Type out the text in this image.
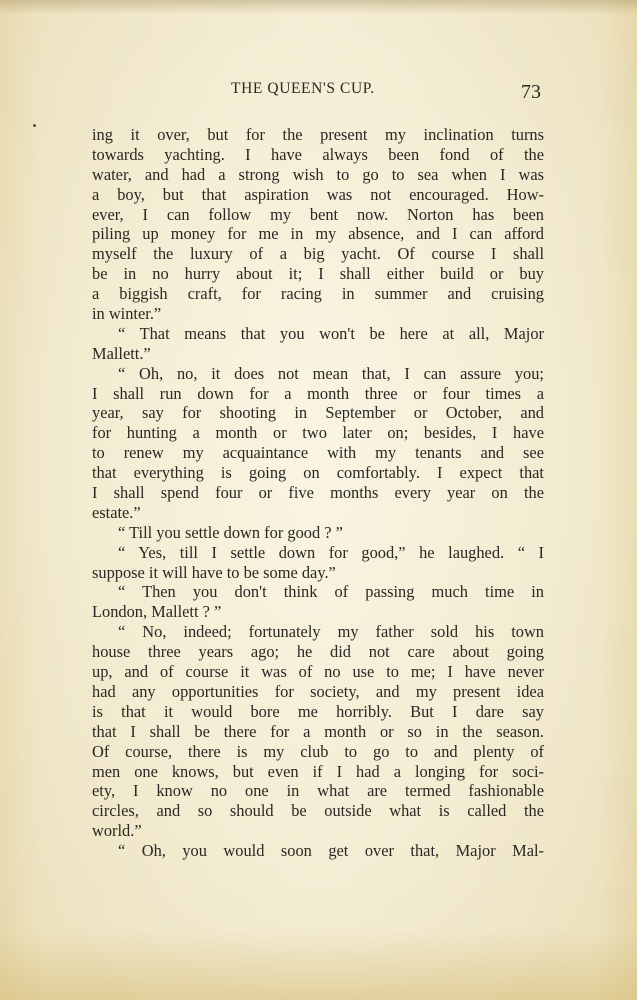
THE QUEEN'S CUP.	73
ing it over, but for the present my inclination turns
towards yachting. I have always been fond of the
water, and had a strong wish to go to sea when I was
a boy, but that aspiration was not encouraged. How-
ever, I can follow my bent now. Norton has been
piling up money for me in my absence, and I can afford
myself the luxury of a big yacht. Of course I shall
be in no hurry about it; I shall either build or buy
a biggish craft, for racing in summer and cruising
in winter.”
“ That means that you won't be here at all, Major
Mallett.”
“ Oh, no, it does not mean that, I can assure you;
I shall run down for a month three or four times a
year, say for shooting in September or October, and
for hunting a month or two later on; besides, I have
to renew my acquaintance with my tenants and see
that everything is going on comfortably. I expect that
I shall spend four or five months every year on the
estate.”
“ Till you settle down for good ? ”
“ Yes, till I settle down for good,” he laughed. “ I
suppose it will have to be some day.”
“ Then you don't think of passing much time in
London, Mallett ? ”
“ No, indeed; fortunately my father sold his town
house three years ago; he did not care about going
up, and of course it was of no use to me; I have never
had any opportunities for society, and my present idea
is that it would bore me horribly. But I dare say
that I shall be there for a month or so in the season.
Of course, there is my club to go to and plenty of
men one knows, but even if I had a longing for soci-
ety, I know no one in what are termed fashionable
circles, and so should be outside what is called the
world.”
“ Oh, you would soon get over that, Major Mal-
